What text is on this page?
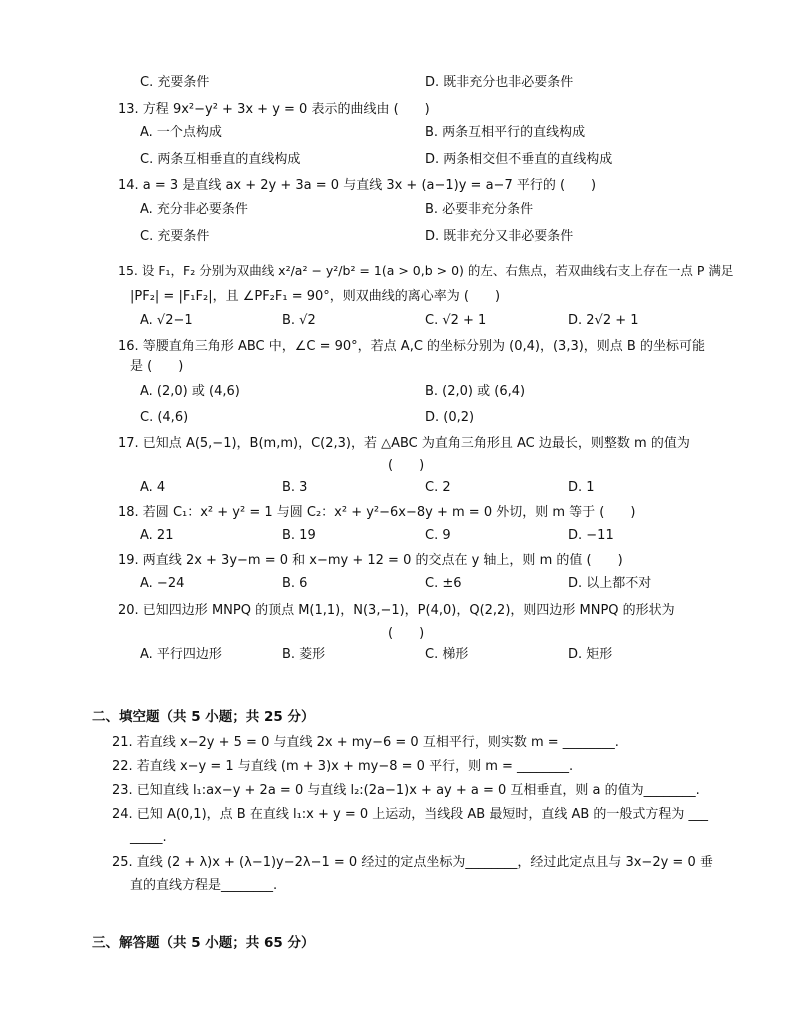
C. 充要条件	D. 既非充分也非必要条件
13. 方程 9x²−y² + 3x + y = 0 表示的曲线由 (　　)
A. 一个点构成	B. 两条互相平行的直线构成
C. 两条互相垂直的直线构成	D. 两条相交但不垂直的直线构成
14. a = 3 是直线 ax + 2y + 3a = 0 与直线 3x + (a−1)y = a−7 平行的 (　　)
A. 充分非必要条件	B. 必要非充分条件
C. 充要条件	D. 既非充分又非必要条件
15. 设 F₁，F₂ 分别为双曲线 x²/a² − y²/b² = 1(a > 0,b > 0) 的左、右焦点，若双曲线右支上存在一点 P 满足
|PF₂| = |F₁F₂|，且 ∠PF₂F₁ = 90°，则双曲线的离心率为 (　　)
A. √2−1	B. √2	C. √2 + 1	D. 2√2 + 1
16. 等腰直角三角形 ABC 中，∠C = 90°，若点 A,C 的坐标分别为 (0,4)，(3,3)，则点 B 的坐标可能
是 (　　)
A. (2,0) 或 (4,6)	B. (2,0) 或 (6,4)
C. (4,6)	D. (0,2)
17. 已知点 A(5,−1)，B(m,m)，C(2,3)，若 △ABC 为直角三角形且 AC 边最长，则整数 m 的值为
(　　)
A. 4	B. 3	C. 2	D. 1
18. 若圆 C₁：x² + y² = 1 与圆 C₂：x² + y²−6x−8y + m = 0 外切，则 m 等于 (　　)
A. 21	B. 19	C. 9	D. −11
19. 两直线 2x + 3y−m = 0 和 x−my + 12 = 0 的交点在 y 轴上，则 m 的值 (　　)
A. −24	B. 6	C. ±6	D. 以上都不对
20. 已知四边形 MNPQ 的顶点 M(1,1)，N(3,−1)，P(4,0)，Q(2,2)，则四边形 MNPQ 的形状为
(　　)
A. 平行四边形	B. 菱形	C. 梯形	D. 矩形
二、填空题（共 5 小题；共 25 分）
21. 若直线 x−2y + 5 = 0 与直线 2x + my−6 = 0 互相平行，则实数 m = ________.
22. 若直线 x−y = 1 与直线 (m + 3)x + my−8 = 0 平行，则 m = ________.
23. 已知直线 l₁:ax−y + 2a = 0 与直线 l₂:(2a−1)x + ay + a = 0 互相垂直，则 a 的值为________.
24. 已知 A(0,1)，点 B 在直线 l₁:x + y = 0 上运动，当线段 AB 最短时，直线 AB 的一般式方程为 ___
_____.
25. 直线 (2 + λ)x + (λ−1)y−2λ−1 = 0 经过的定点坐标为________，经过此定点且与 3x−2y = 0 垂
直的直线方程是________.
三、解答题（共 5 小题；共 65 分）
